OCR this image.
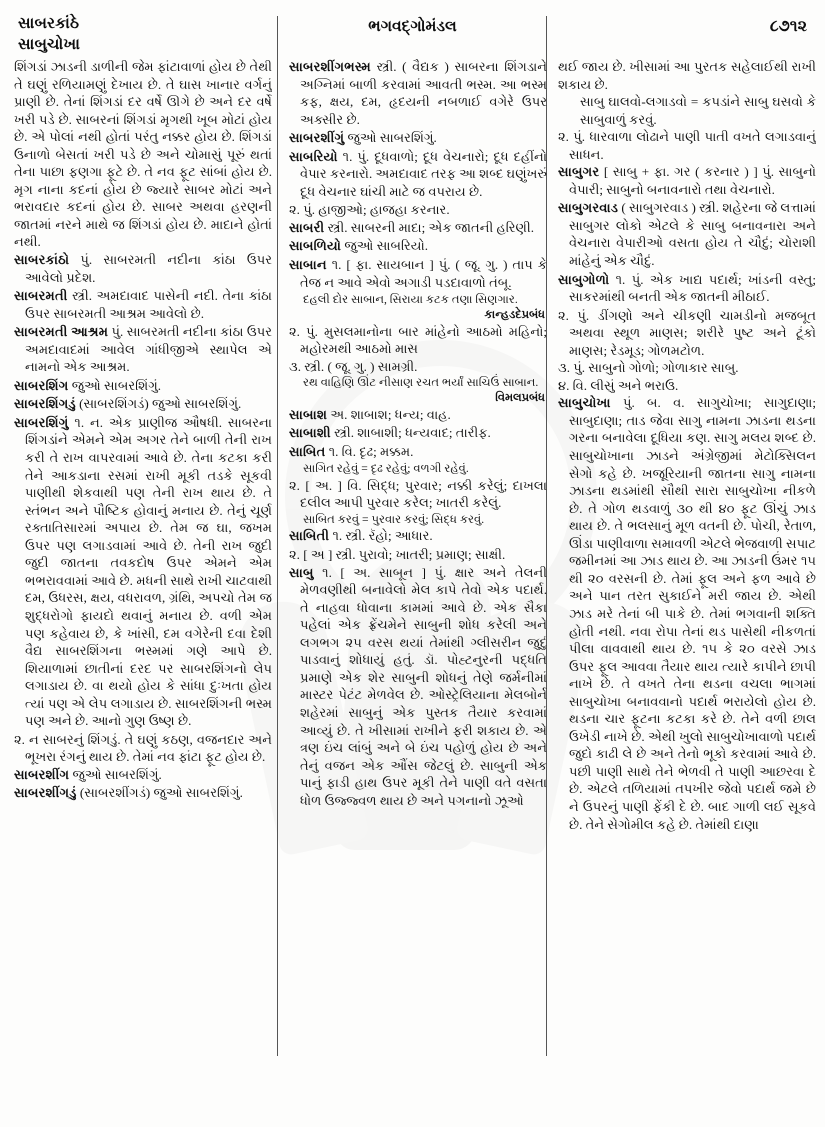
સાબરકાંઠે
સાબુચોખા
ભગવદ્ગોમંડલ	૮૭૧૨

શિંગડાં ઝાડની ડાળીની જેમ ફાંટાવાળાં હોય છે તેથી તે ઘણું રળિયામણું દેખાય છે. તે ઘાસ ખાનાર વર્ગનું પ્રાણી છે. તેનાં શિંગડાં દર વર્ષે ઊગે છે અને દર વર્ષે ખરી પડે છે. સાબરનાં શિંગડાં મૃગથી ખૂબ મોટાં હોય છે. એ પોલાં નથી હોતાં પરંતુ નક્કર હોય છે. શિંગડાં ઉનાળો બેસતાં ખરી પડે છે અને ચોમાસું પૂરું થતાં તેના પાછા ફણગા ફૂટે છે. તે નવ ફૂટ સાંબાં હોય છે. મૃગ નાના કદનાં હોય છે જ્યારે સાબર મોટાં અને ભરાવદાર કદનાં હોય છે. સાબર અથવા હરણની જાતમાં નરને માથે જ શિંગડાં હોય છે. માદાને હોતાં નથી.

સાબરકાંઠો પું. સાબરમતી નદીના કાંઠા ઉપર આવેલો પ્રદેશ.

સાબરમતી સ્ત્રી. અમદાવાદ પાસેની નદી. તેના કાંઠા ઉપર સાબરમતી આશ્રમ આવેલો છે.

સાબરમતી આશ્રમ પું. સાબરમતી નદીના કાંઠા ઉપર અમદાવાદમાં આવેલ ગાંધીજીએ સ્થાપેલ એ નામનો એક આશ્રમ.

સાબરશિંગ જુઓ સાબરશિંગું.

સાબરશિંગડું (સાબરશિંગડં) જુઓ સાબરશિંગું.

સાબરશિંગું ૧. ન. એક પ્રાણીજ ઔષધી. સાબરના શિંગડાંને એમને એમ અગર તેને બાળી તેની રાખ કરી તે રાખ વાપરવામાં આવે છે. તેના કટકા કરી તેને આકડાના રસમાં રાખી મૂકી તડકે સૂકવી પાણીથી શેકવાથી પણ તેની રાખ થાય છે. તે સ્તંભન અને પૌષ્ટિક હોવાનું મનાય છે. તેનું ચૂર્ણ રક્તાતિસારમાં અપાય છે. તેમ જ ઘા, જખમ ઉપર પણ લગાડવામાં આવે છે. તેની રાખ જુદી જુદી જાતના તવકદોષ ઉપર એમને એમ ભભરાવવામાં આવે છે. મધની સાથે રાખી ચાટવાથી દમ, ઉધરસ, ક્ષય, વધરાવળ, ગ્રંથિ, અપચો તેમ જ શુદ્ધરોગો ફાયદો થવાનું મનાય છે. વળી એમ પણ કહેવાય છે, કે ખાંસી, દમ વગેરેની દવા દેશી વૈદ્ય સાબરશિંગના ભસ્મમાં ગણે આપે છે. શિયાળામાં છાતીનાં દરદ પર સાબરશિંગનો લેપ લગાડાય છે. વા થયો હોય કે સાંધા દુઃખતા હોય ત્યાં પણ એ લેપ લગાડાય છે. સાબરશિંગની ભસ્મ પણ અને છે. આનો ગુણ ઉષ્ણ છે.

૨. ન સાબરનું શિંગડું. તે ઘણું કઠણ, વજનદાર અને ભૂખરા રંગનું થાય છે. તેમાં નવ ફાંટા ફૂટ હોય છે.

સાબરશીંગ જુઓ સાબરશિંગું.

સાબરશીંગડું (સાબરશીંગડં) જુઓ સાબરશિંગું.

સાબરશીંગભસ્મ સ્ત્રી. ( વૈદ્યક ) સાબરના શિંગડાને અગ્નિમાં બાળી કરવામાં આવતી ભસ્મ. આ ભસ્મ કફ, ક્ષય, દમ, હૃદયની નબળાઈ વગેરે ઉપર અક્સીર છે.

સાબરશીંગું જુઓ સાબરશિંગું.

સાબરિયો ૧. પું. દૂધવાળો; દૂધ વેચનારો; દૂધ દહીંનો વેપાર કરનારો. અમદાવાદ તરફ આ શબ્દ ઘણુંખરું દૂધ વેચનાર ઘાંચી માટે જ વપરાય છે.

૨. પું. હાજીઓ; હાજહા કરનાર.

સાબરી સ્ત્રી. સાબરની માદા; એક જાતની હરિણી.

સાબળિયો જુઓ સાબરિયો.

સાબાન ૧. [ ફા. સાયબાન ] પું. ( જૂ. ગુ. ) તાપ કે તેજ ન આવે એવો અગાડી પડદાવાળો તંબૂ.

દહલી દોર સાબાન, સિરાયા કટક તણા સિણગાર.

કાન્હડદેપ્રબંધ

૨. પું. મુસલમાનોના બાર માંહેનો આઠમો મહિનો; મહોરમથી આઠમો માસ

૩. સ્ત્રી. ( જૂ. ગુ. ) સામગ્રી.

રથ વાહિણિ ઊંટ નીસાણ રચત ભર્યાં સાચિઉં સાબાન.

વિમલપ્રબંધ

સાબાશ અ. શાબાશ; ધન્ય; વાહ.

સાબાશી સ્ત્રી. શાબાશી; ધન્યવાદ; તારીફ.

સાબિત ૧. વિ. દૃઢ; મક્કમ.

સાગિત રહેવું = દૃઢ રહેવું; વળગી રહેવું.

૨. [ અ. ] વિ. સિદ્ધ; પુરવાર; નક્કી કરેલું; દાખલા દલીલ આપી પુરવાર કરેલ; ખાતરી કરેલું.

સાબિત કરવું = પુરવાર કરવું; સિદ્ધ કરવું.

સાબિતી ૧. સ્ત્રી. રૅહો; આધાર.

૨. [ અ ] સ્ત્રી. પુરાવો; ખાતરી; પ્રમાણ; સાક્ષી.

સાબુ ૧. [ અ. સાબૂન ] પું. ક્ષાર અને તેલની મેળવણીથી બનાવેલો મેલ કાપે તેવો એક પદાર્થ. તે નાહવા ધોવાના કામમાં આવે છે. એક સૈકા પહેલાં એક ફ્રેંચમેને સાબુની શોધ કરેલી અને લગભગ ૨૫ વરસ થયાં તેમાંથી ગ્લીસરીન જુદું પાડવાનું શોધાયું હતું. ડૉ. પોહ્ટનુરની પદ્ધતિ પ્રમાણે એક શેર સાબુની શોધનું તેણે જર્મનીમાં માસ્ટર પેટંટ મેળવેલ છે. ઓસ્ટ્રેલિયાના મેલબોર્ન શહેરમાં સાબુનું એક પુસ્તક તૈયાર કરવામાં આવ્યું છે. તે ખીસામાં રાખીને ફરી શકાય છે. એ ત્રણ ઇંચ લાંબું અને બે ઇંચ પહોળું હોય છે અને તેનું વજન એક ઔંસ જેટલું છે. સાબુની એક પાનું ફાડી હાથ ઉપર મૂકી તેને પાણી વતે વસતા ધોળ ઉજ્જ્વળ થાય છે અને પગનાનો ઝૂઓ

થઈ જાય છે. ખીસામાં આ પુરતક સહેલાઈથી રાખી શકાય છે.

સાબુ ઘાલવો-લગાડવો = કપડાંને સાબુ ઘસવો કે સાબુવાળું કરવું.

૨. પું. ધારવાળા લોઢાને પાણી પાતી વખતે લગાડવાનું સાધન.

સાબુગર [ સાબુ + ફા. ગર ( કરનાર ) ] પું. સાબુનો વેપારી; સાબુનો બનાવનારો તથા વેચનારો.

સાબુગરવાડ ( સાબુગરવાડ ) સ્ત્રી. શહેરના જે લત્તામાં સાબુગર લોકો એટલે કે સાબુ બનાવનારા અને વેચનારા વેપારીઓ વસતા હોય તે ચૌદું; ચોરાશી માંહેનું એક ચૌદું.

સાબુગોળો ૧. પું. એક ખાદ્ય પદાર્થ; ખાંડની વસ્તુ; સાકરમાંથી બનતી એક જાતની મીઠાઈ.

૨. પું. ડીંગણો અને ચીકણી ચામડીનો મજબૂત અથવા સ્થૂળ માણસ; શરીરે પુષ્ટ અને ટૂંકો માણસ; રેડમૂડ; ગોળમટોળ.

૩. પું. સાબુનો ગોળો; ગોળાકાર સાબુ.

૪. વિ. લીસું અને ભરાઉ.

સાબુચોખા પું. બ. વ. સાગુચોખા; સાગુદાણા; સાબુદાણા; તાડ જેવા સાગુ નામના ઝાડના થડના ગરના બનાવેલા દૂધિયા કણ. સાગુ મલય શબ્દ છે. સાબુચોખાના ઝાડને અંગ્રેજીમાં મેટોક્સિલન સેગો કહે છે. ખજૂરિયાની જાતના સાગુ નામના ઝાડના થડમાંથી સૌથી સારા સાબુચોખા નીકળે છે. તે ગોળ થડવાળું ૩૦ થી ૪૦ ફૂટ ઊંચું ઝાડ થાય છે. તે ભલસાનું મૂળ વતની છે. પોચી, રેતાળ, ઊંડા પાણીવાળા સમાવળી એટલે ભેજવાળી સપાટ જમીનમાં આ ઝાડ થાય છે. આ ઝાડની ઉંમર ૧૫ થી ૨૦ વરસની છે. તેમાં ફૂલ અને ફળ આવે છે અને પાન તરત સુકાઈને મરી જાય છે. એથી ઝાડ મરે તેનાં બી પાકે છે. તેમાં ભગવાની શક્તિ હોતી નથી. નવા રોપા તેનાં થડ પાસેથી નીકળતાં પીલા વાવવાથી થાય છે. ૧૫ કે ૨૦ વરસે ઝાડ ઉપર ફૂલ આવવા તૈયાર થાય ત્યારે કાપીને છાપી નાખે છે. તે વખતે તેના થડના વચલા ભાગમાં સાબુચોખા બનાવવાનો પદાર્થ ભરાયેલો હોય છે. થડના ચાર ફૂટના કટકા કરે છે. તેને વળી છાલ ઉખેડી નાખે છે. એથી ખુલો સાબુચોખાવાળો પદાર્થ જુદો કાઢી લે છે અને તેનો ભૂકો કરવામાં આવે છે. પછી પાણી સાથે તેને ભેળવી તે પાણી આછરવા દે છે. એટલે તળિયામાં તપખીર જેવો પદાર્થ જમે છે ને ઉપરનું પાણી ફેંકી દે છે. બાદ ગાળી લઈ સૂકવે છે. તેને સેગોમીલ કહે છે. તેમાંથી દાણા
